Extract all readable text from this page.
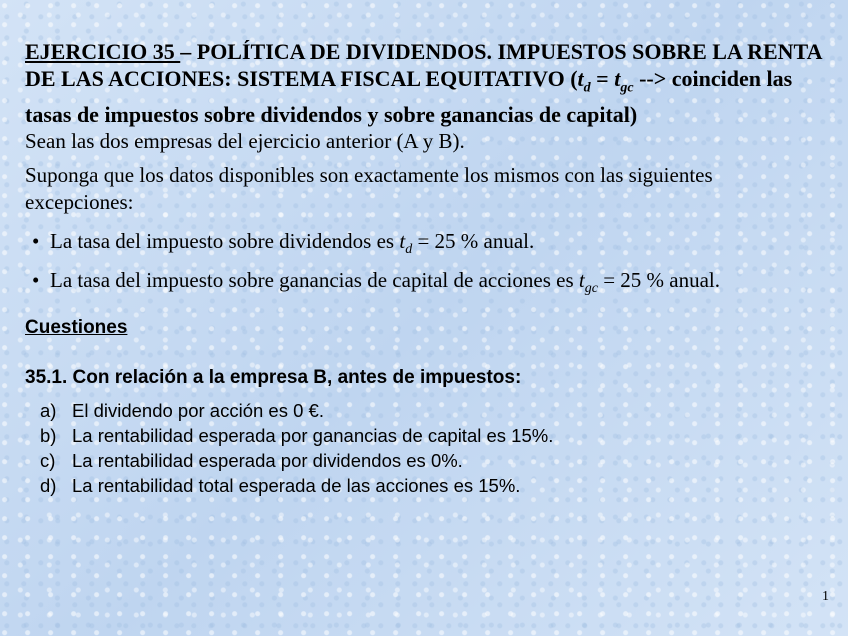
EJERCICIO 35 – POLÍTICA DE DIVIDENDOS. IMPUESTOS SOBRE LA RENTA DE LAS ACCIONES: SISTEMA FISCAL EQUITATIVO ($t_d = t_{gc}$ --> coinciden las tasas de impuestos sobre dividendos y sobre ganancias de capital)
Sean las dos empresas del ejercicio anterior (A y B).
Suponga que los datos disponibles son exactamente los mismos con las siguientes excepciones:
• La tasa del impuesto sobre dividendos es $t_d = 25$ % anual.
• La tasa del impuesto sobre ganancias de capital de acciones es $t_{gc} = 25$ % anual.
Cuestiones
35.1. Con relación a la empresa B, antes de impuestos:
a) El dividendo por acción es 0 €.
b) La rentabilidad esperada por ganancias de capital es 15%.
c) La rentabilidad esperada por dividendos es 0%.
d) La rentabilidad total esperada de las acciones es 15%.
1
